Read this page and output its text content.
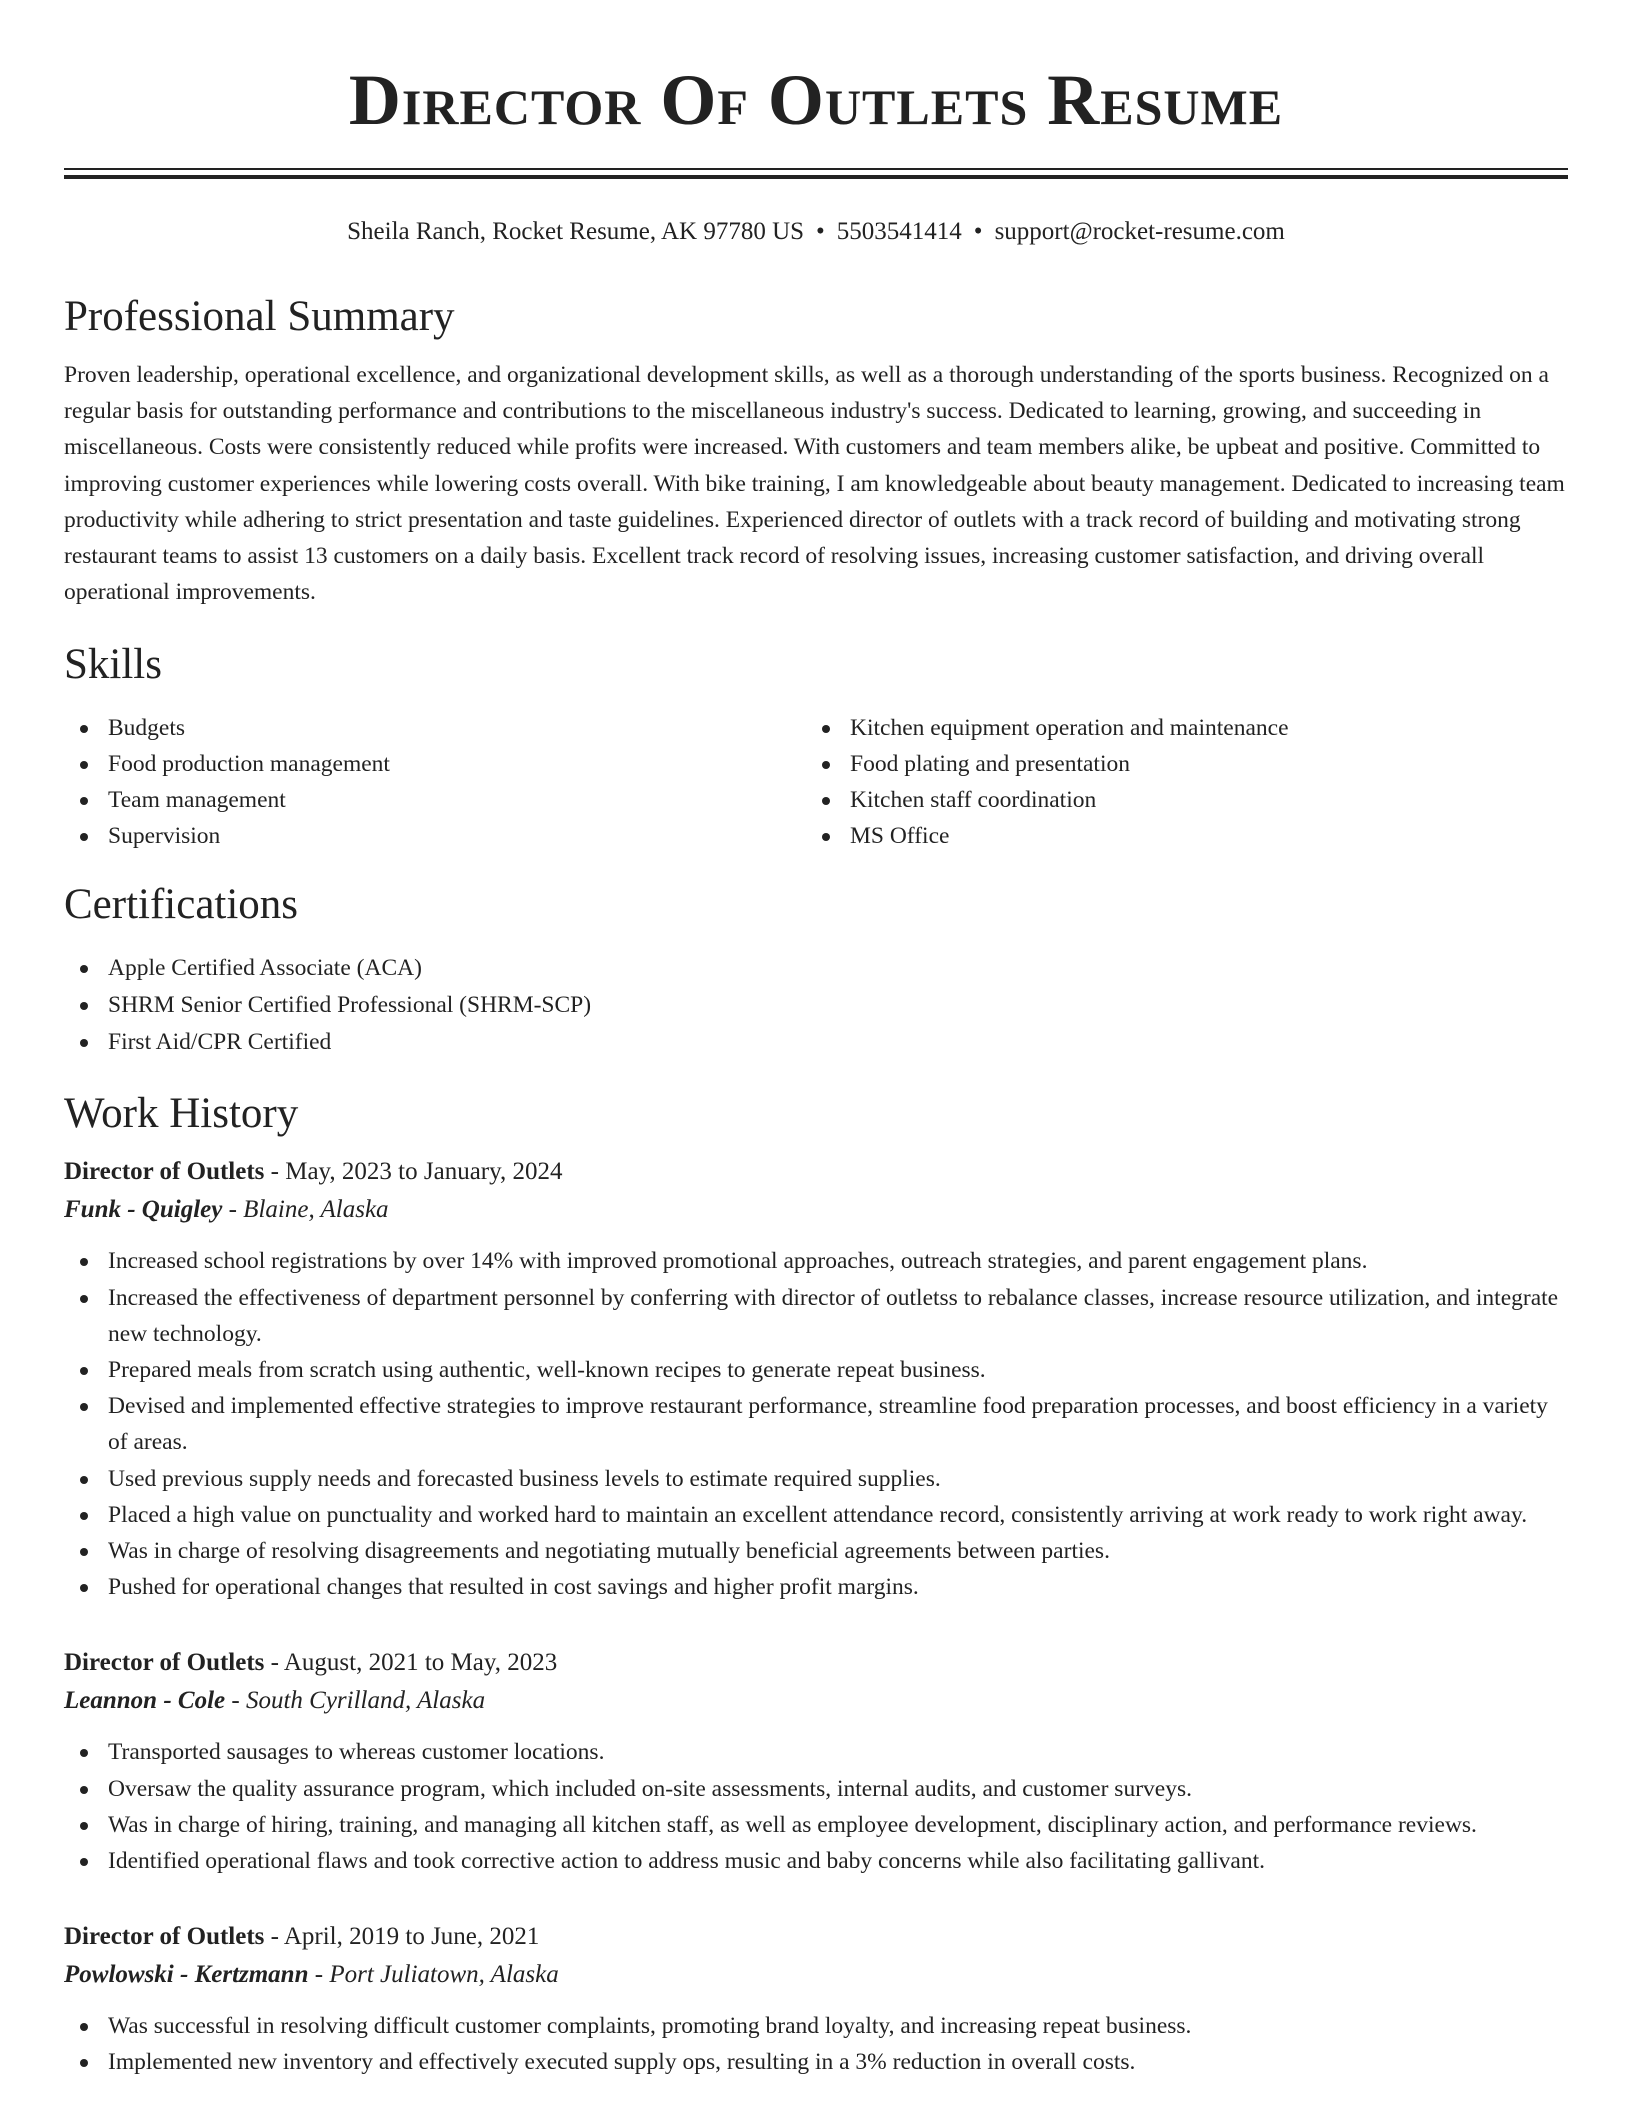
Director Of Outlets Resume
Sheila Ranch, Rocket Resume, AK 97780 US • 5503541414 • support@rocket-resume.com
Professional Summary

Proven leadership, operational excellence, and organizational development skills, as well as a thorough understanding of the sports business. Recognized on a regular basis for outstanding performance and contributions to the miscellaneous industry's success. Dedicated to learning, growing, and succeeding in miscellaneous. Costs were consistently reduced while profits were increased. With customers and team members alike, be upbeat and positive. Committed to improving customer experiences while lowering costs overall. With bike training, I am knowledgeable about beauty management. Dedicated to increasing team productivity while adhering to strict presentation and taste guidelines. Experienced director of outlets with a track record of building and motivating strong restaurant teams to assist 13 customers on a daily basis. Excellent track record of resolving issues, increasing customer satisfaction, and driving overall operational improvements.

Skills
Budgets
Food production management
Team management
Supervision
Kitchen equipment operation and maintenance
Food plating and presentation
Kitchen staff coordination
MS Office
Certifications
Apple Certified Associate (ACA)
SHRM Senior Certified Professional (SHRM-SCP)
First Aid/CPR Certified
Work History
Director of Outlets - May, 2023 to January, 2024
Funk - Quigley - Blaine, Alaska
Increased school registrations by over 14% with improved promotional approaches, outreach strategies, and parent engagement plans.
Increased the effectiveness of department personnel by conferring with director of outletss to rebalance classes, increase resource utilization, and integrate new technology.
Prepared meals from scratch using authentic, well-known recipes to generate repeat business.
Devised and implemented effective strategies to improve restaurant performance, streamline food preparation processes, and boost efficiency in a variety of areas.
Used previous supply needs and forecasted business levels to estimate required supplies.
Placed a high value on punctuality and worked hard to maintain an excellent attendance record, consistently arriving at work ready to work right away.
Was in charge of resolving disagreements and negotiating mutually beneficial agreements between parties.
Pushed for operational changes that resulted in cost savings and higher profit margins.
Director of Outlets - August, 2021 to May, 2023
Leannon - Cole - South Cyrilland, Alaska
Transported sausages to whereas customer locations.
Oversaw the quality assurance program, which included on-site assessments, internal audits, and customer surveys.
Was in charge of hiring, training, and managing all kitchen staff, as well as employee development, disciplinary action, and performance reviews.
Identified operational flaws and took corrective action to address music and baby concerns while also facilitating gallivant.
Director of Outlets - April, 2019 to June, 2021
Powlowski - Kertzmann - Port Juliatown, Alaska
Was successful in resolving difficult customer complaints, promoting brand loyalty, and increasing repeat business.
Implemented new inventory and effectively executed supply ops, resulting in a 3% reduction in overall costs.
